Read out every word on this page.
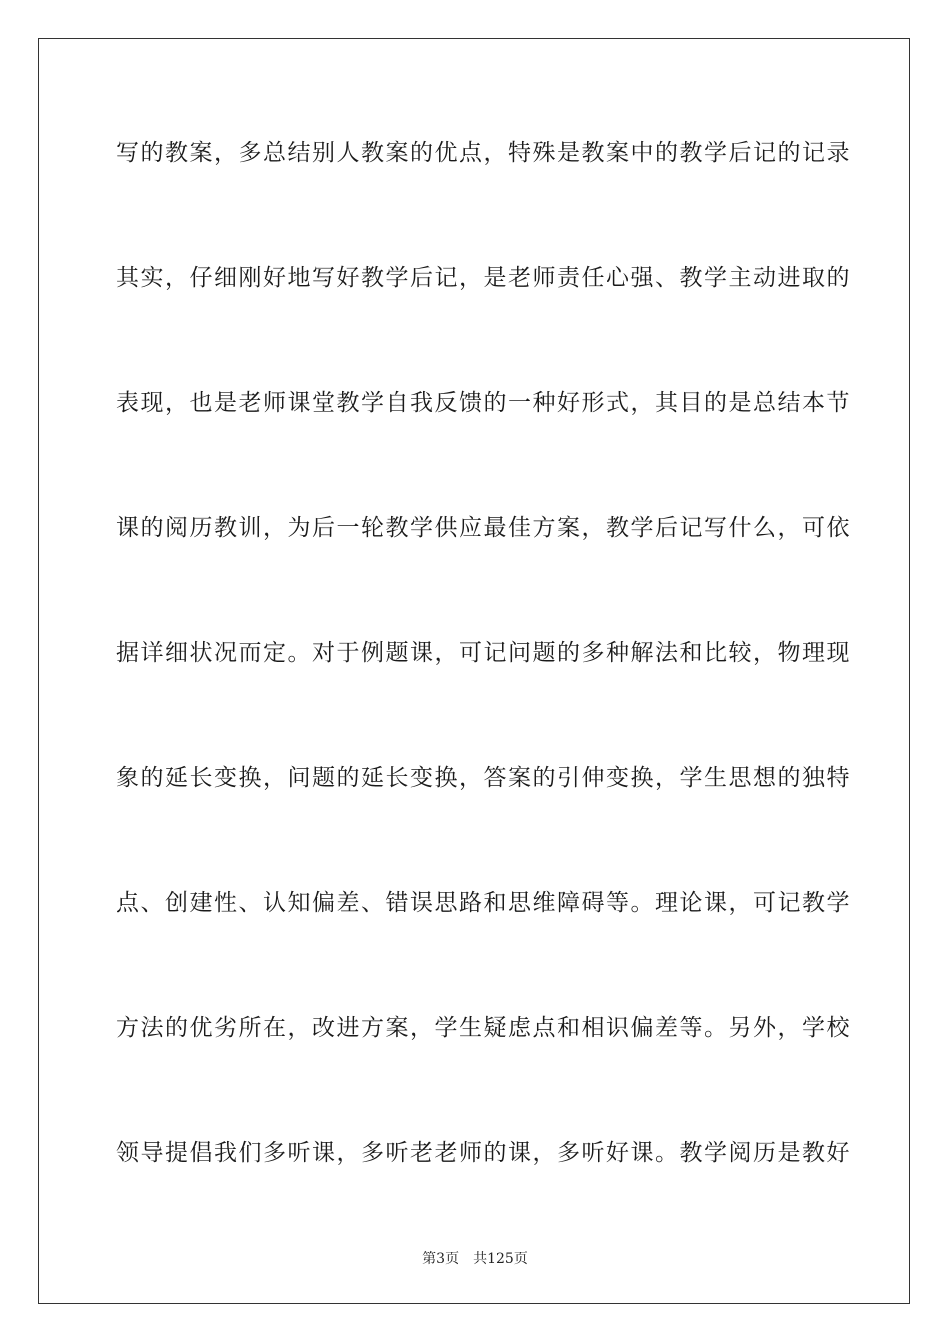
写的教案，多总结别人教案的优点，特殊是教案中的教学后记的记录
其实，仔细刚好地写好教学后记，是老师责任心强、教学主动进取的
表现，也是老师课堂教学自我反馈的一种好形式，其目的是总结本节
课的阅历教训，为后一轮教学供应最佳方案，教学后记写什么，可依
据详细状况而定。对于例题课，可记问题的多种解法和比较，物理现
象的延长变换，问题的延长变换，答案的引伸变换，学生思想的独特
点、创建性、认知偏差、错误思路和思维障碍等。理论课，可记教学
方法的优劣所在，改进方案，学生疑虑点和相识偏差等。另外，学校
领导提倡我们多听课，多听老老师的课，多听好课。教学阅历是教好
第3页 共125页
